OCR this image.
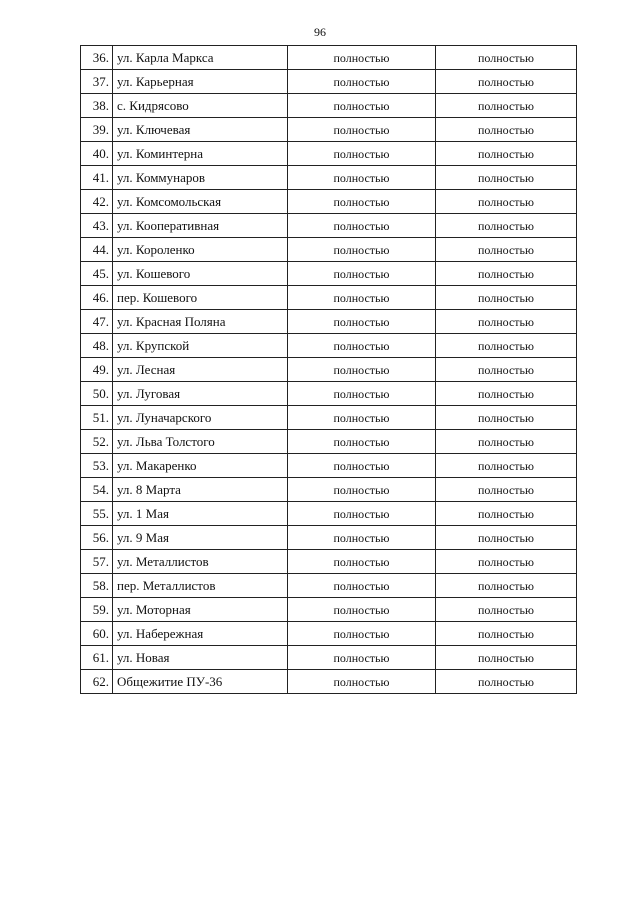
96
36.	ул. Карла Маркса	полностью	полностью
37.	ул. Карьерная	полностью	полностью
38.	с. Кидрясово	полностью	полностью
39.	ул. Ключевая	полностью	полностью
40.	ул. Коминтерна	полностью	полностью
41.	ул. Коммунаров	полностью	полностью
42.	ул. Комсомольская	полностью	полностью
43.	ул. Кооперативная	полностью	полностью
44.	ул. Короленко	полностью	полностью
45.	ул. Кошевого	полностью	полностью
46.	пер. Кошевого	полностью	полностью
47.	ул. Красная Поляна	полностью	полностью
48.	ул. Крупской	полностью	полностью
49.	ул. Лесная	полностью	полностью
50.	ул. Луговая	полностью	полностью
51.	ул. Луначарского	полностью	полностью
52.	ул. Льва Толстого	полностью	полностью
53.	ул. Макаренко	полностью	полностью
54.	ул. 8 Марта	полностью	полностью
55.	ул. 1 Мая	полностью	полностью
56.	ул. 9 Мая	полностью	полностью
57.	ул. Металлистов	полностью	полностью
58.	пер. Металлистов	полностью	полностью
59.	ул. Моторная	полностью	полностью
60.	ул. Набережная	полностью	полностью
61.	ул. Новая	полностью	полностью
62.	Общежитие ПУ-36	полностью	полностью
